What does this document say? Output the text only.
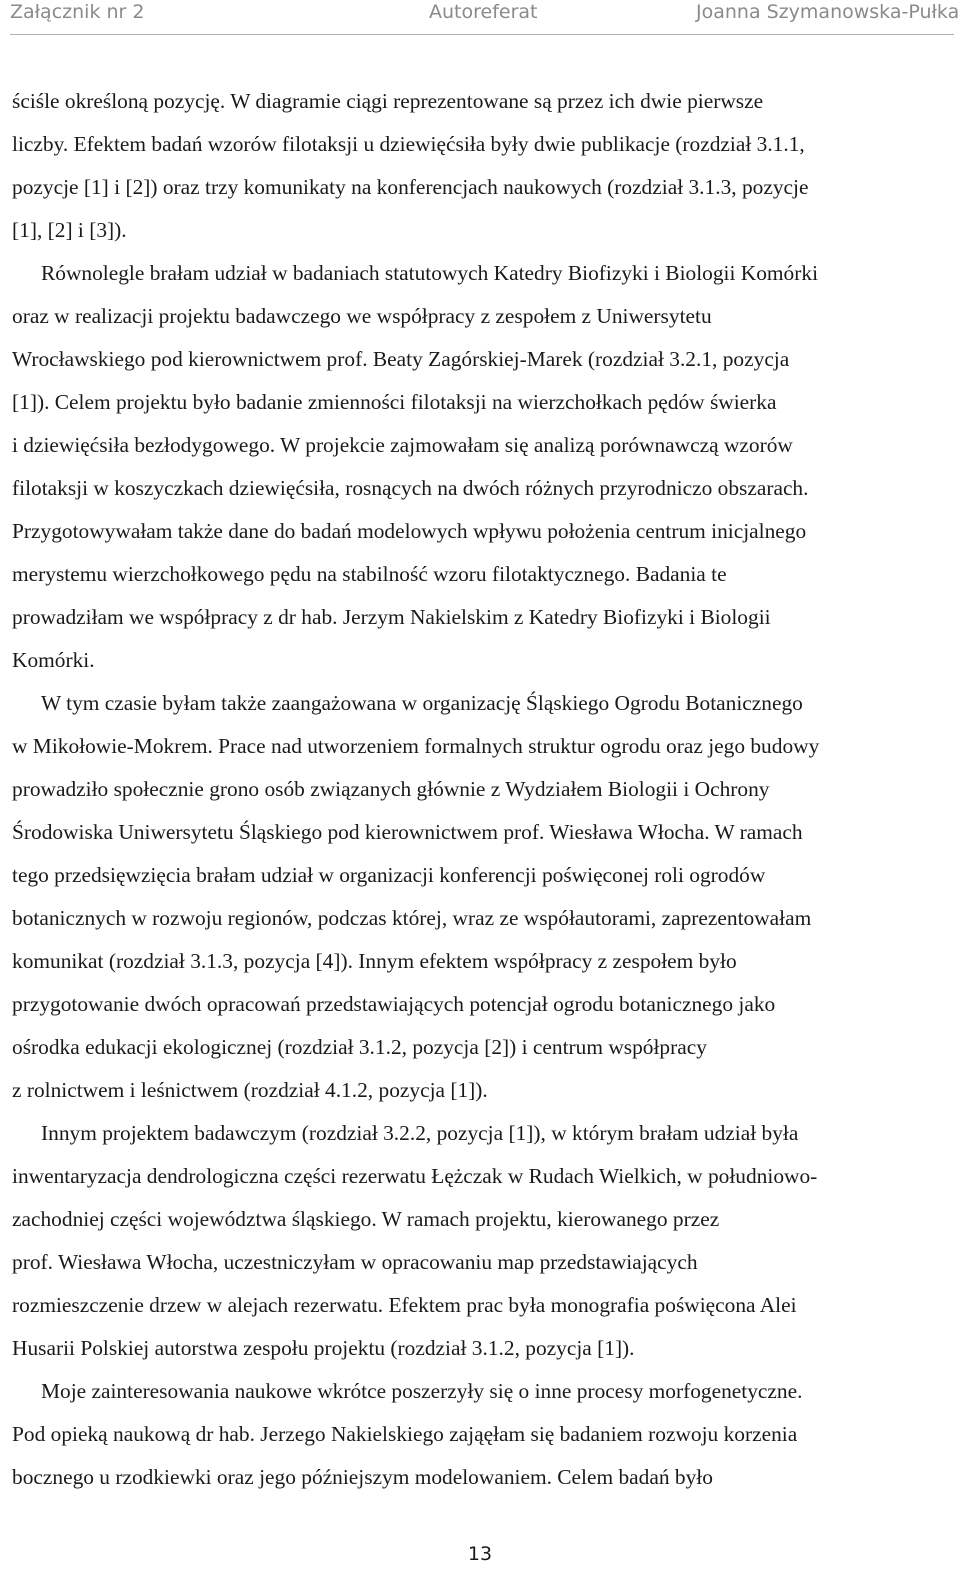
Załącznik nr 2	Autoreferat	Joanna Szymanowska-Pułka

ściśle określoną pozycję. W diagramie ciągi reprezentowane są przez ich dwie pierwsze
liczby. Efektem badań wzorów filotaksji u dziewięćsiła były dwie publikacje (rozdział 3.1.1,
pozycje [1] i [2]) oraz trzy komunikaty na konferencjach naukowych (rozdział 3.1.3, pozycje
[1], [2] i [3]).

Równolegle brałam udział w badaniach statutowych Katedry Biofizyki i Biologii Komórki
oraz w realizacji projektu badawczego we współpracy z zespołem z Uniwersytetu
Wrocławskiego pod kierownictwem prof. Beaty Zagórskiej-Marek (rozdział 3.2.1, pozycja
[1]). Celem projektu było badanie zmienności filotaksji na wierzchołkach pędów świerka
i dziewięćsiła bezłodygowego. W projekcie zajmowałam się analizą porównawczą wzorów
filotaksji w koszyczkach dziewięćsiła, rosnących na dwóch różnych przyrodniczo obszarach.
Przygotowywałam także dane do badań modelowych wpływu położenia centrum inicjalnego
merystemu wierzchołkowego pędu na stabilność wzoru filotaktycznego. Badania te
prowadziłam we współpracy z dr hab. Jerzym Nakielskim z Katedry Biofizyki i Biologii
Komórki.

W tym czasie byłam także zaangażowana w organizację Śląskiego Ogrodu Botanicznego
w Mikołowie-Mokrem. Prace nad utworzeniem formalnych struktur ogrodu oraz jego budowy
prowadziło społecznie grono osób związanych głównie z Wydziałem Biologii i Ochrony
Środowiska Uniwersytetu Śląskiego pod kierownictwem prof. Wiesława Włocha. W ramach
tego przedsięwzięcia brałam udział w organizacji konferencji poświęconej roli ogrodów
botanicznych w rozwoju regionów, podczas której, wraz ze współautorami, zaprezentowałam
komunikat (rozdział 3.1.3, pozycja [4]). Innym efektem współpracy z zespołem było
przygotowanie dwóch opracowań przedstawiających potencjał ogrodu botanicznego jako
ośrodka edukacji ekologicznej (rozdział 3.1.2, pozycja [2]) i centrum współpracy
z rolnictwem i leśnictwem (rozdział 4.1.2, pozycja [1]).

Innym projektem badawczym (rozdział 3.2.2, pozycja [1]), w którym brałam udział była
inwentaryzacja dendrologiczna części rezerwatu Łężczak w Rudach Wielkich, w południowo-
zachodniej części województwa śląskiego. W ramach projektu, kierowanego przez
prof. Wiesława Włocha, uczestniczyłam w opracowaniu map przedstawiających
rozmieszczenie drzew w alejach rezerwatu. Efektem prac była monografia poświęcona Alei
Husarii Polskiej autorstwa zespołu projektu (rozdział 3.1.2, pozycja [1]).

Moje zainteresowania naukowe wkrótce poszerzyły się o inne procesy morfogenetyczne.
Pod opieką naukową dr hab. Jerzego Nakielskiego zająęłam się badaniem rozwoju korzenia
bocznego u rzodkiewki oraz jego późniejszym modelowaniem. Celem badań było

13
